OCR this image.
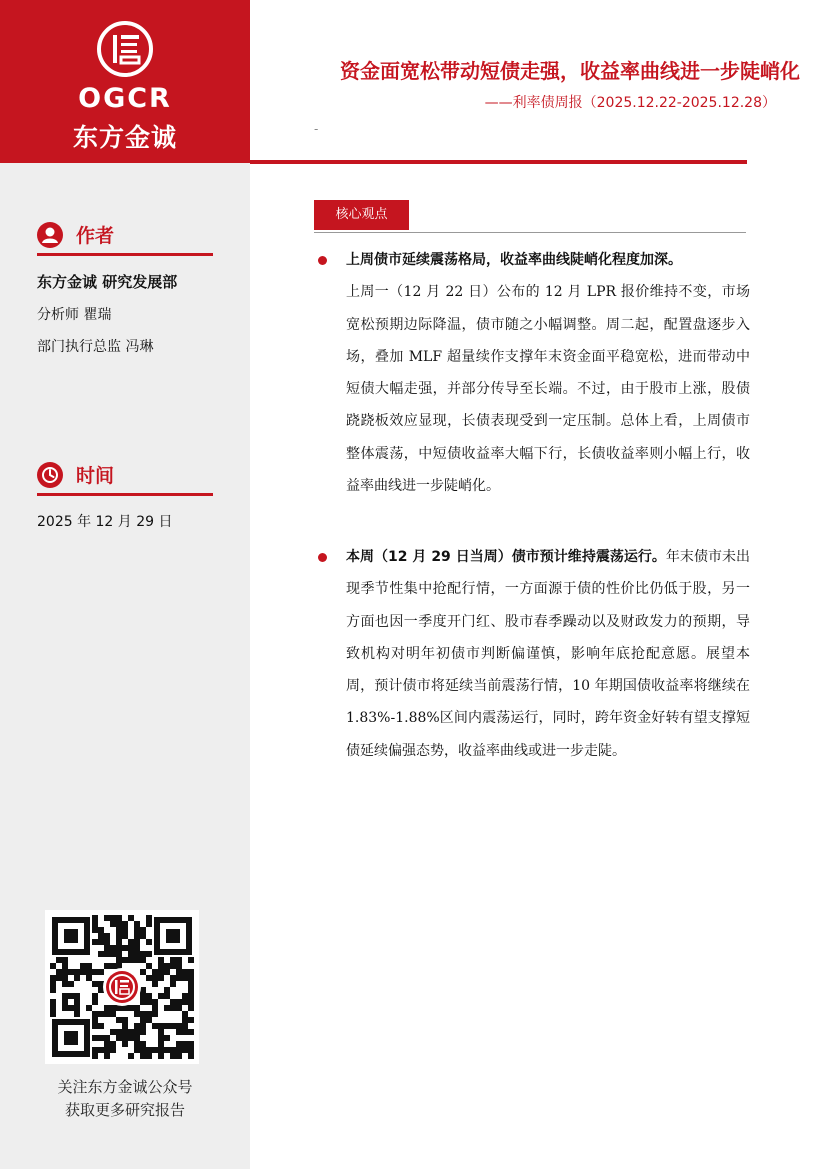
OGCR
东方金诚
资金面宽松带动短债走强，收益率曲线进一步陡峭化
——利率债周报（2025.12.22-2025.12.28）
-
作者
东方金诚 研究发展部
分析师 瞿瑞
部门执行总监 冯琳
时间
2025 年 12 月 29 日
关注东方金诚公众号
获取更多研究报告
核心观点
上周债市延续震荡格局，收益率曲线陡峭化程度加深。
上周一（12 月 22 日）公布的 12 月 LPR 报价维持不变，市场宽松预期边际降温，债市随之小幅调整。周二起，配置盘逐步入场，叠加 MLF 超量续作支撑年末资金面平稳宽松，进而带动中短债大幅走强，并部分传导至长端。不过，由于股市上涨，股债跷跷板效应显现，长债表现受到一定压制。总体上看，上周债市整体震荡，中短债收益率大幅下行，长债收益率则小幅上行，收益率曲线进一步陡峭化。
本周（12 月 29 日当周）债市预计维持震荡运行。年末债市未出现季节性集中抢配行情，一方面源于债的性价比仍低于股，另一方面也因一季度开门红、股市春季躁动以及财政发力的预期，导致机构对明年初债市判断偏谨慎，影响年底抢配意愿。展望本周，预计债市将延续当前震荡行情，10 年期国债收益率将继续在1.83%-1.88%区间内震荡运行，同时，跨年资金好转有望支撑短债延续偏强态势，收益率曲线或进一步走陡。
